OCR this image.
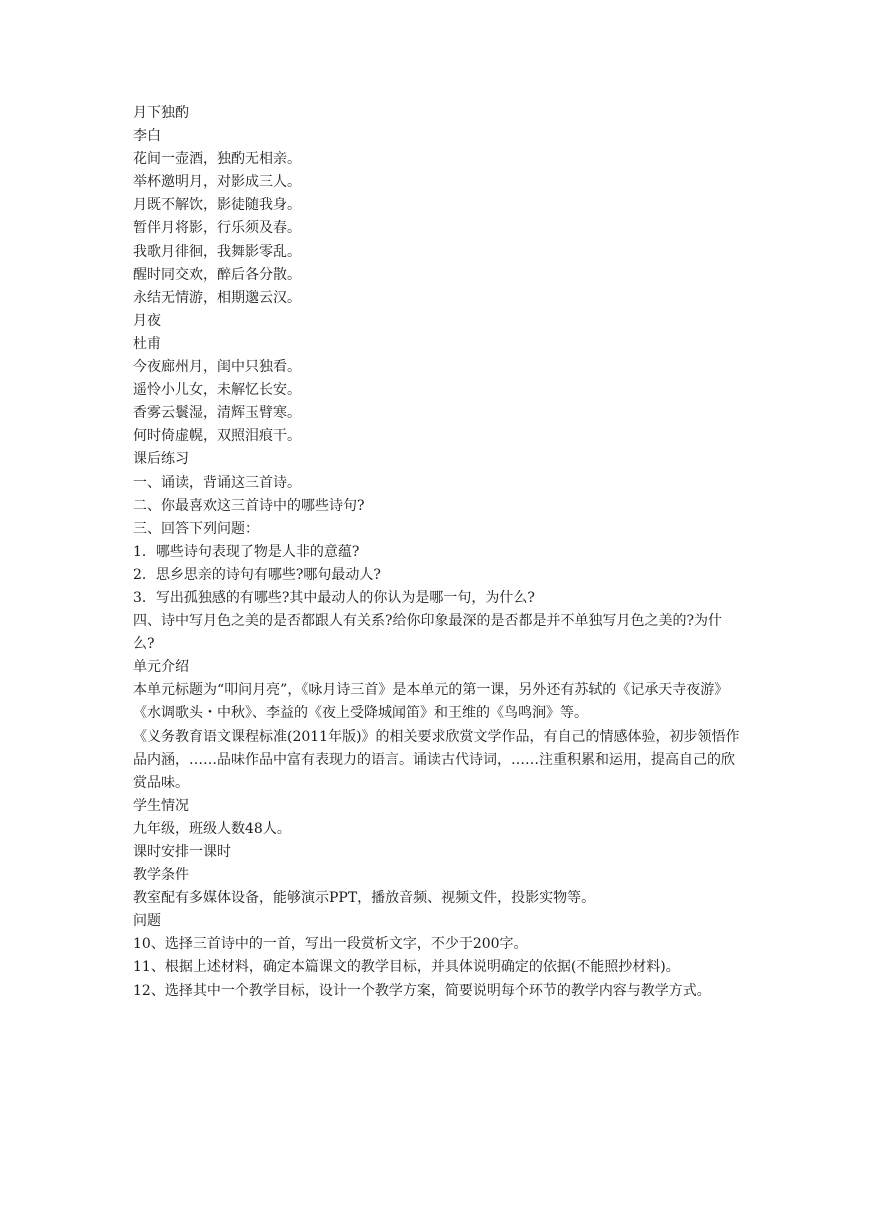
月下独酌
李白
花间一壶酒，独酌无相亲。
举杯邀明月，对影成三人。
月既不解饮，影徒随我身。
暂伴月将影，行乐须及春。
我歌月徘徊，我舞影零乱。
醒时同交欢，醉后各分散。
永结无情游，相期邈云汉。
月夜
杜甫
今夜廊州月，闺中只独看。
遥怜小儿女，未解忆长安。
香雾云鬟湿，清辉玉臂寒。
何时倚虚幌，双照泪痕干。
课后练习
一、诵读，背诵这三首诗。
二、你最喜欢这三首诗中的哪些诗句?
三、回答下列问题：
1．哪些诗句表现了物是人非的意蕴?
2．思乡思亲的诗句有哪些?哪句最动人?
3．写出孤独感的有哪些?其中最动人的你认为是哪一句，为什么?
四、诗中写月色之美的是否都跟人有关系?给你印象最深的是否都是并不单独写月色之美的?为什么?
单元介绍
本单元标题为“叩问月亮”，《咏月诗三首》是本单元的第一课，另外还有苏轼的《记承天寺夜游》《水调歌头・中秋》、李益的《夜上受降城闻笛》和王维的《鸟鸣涧》等。
《义务教育语文课程标准(2011年版)》的相关要求欣赏文学作品，有自己的情感体验，初步领悟作品内涵，……品味作品中富有表现力的语言。诵读古代诗词，……注重积累和运用，提高自己的欣赏品味。
学生情况
九年级，班级人数48人。
课时安排一课时
教学条件
教室配有多媒体设备，能够演示PPT，播放音频、视频文件，投影实物等。
问题
10、选择三首诗中的一首，写出一段赏析文字，不少于200字。
11、根据上述材料，确定本篇课文的教学目标，并具体说明确定的依据(不能照抄材料)。
12、选择其中一个教学目标，设计一个教学方案，简要说明每个环节的教学内容与教学方式。
